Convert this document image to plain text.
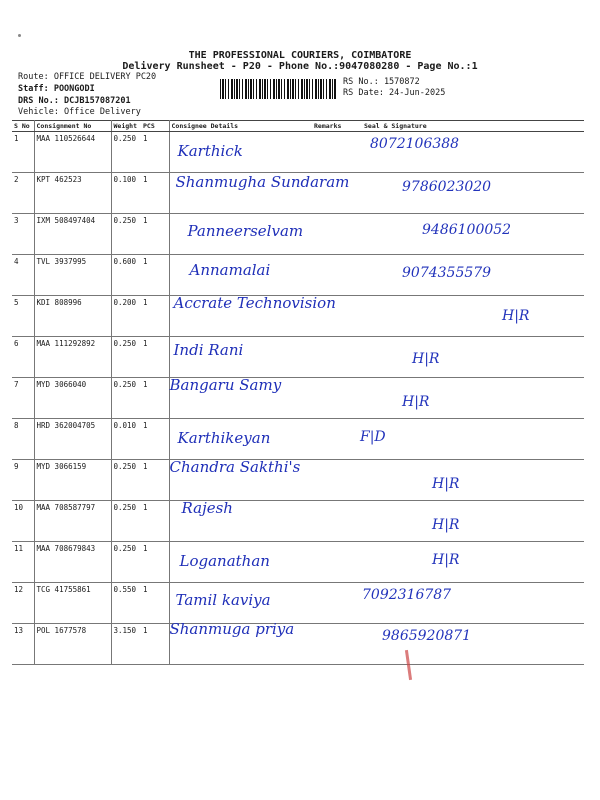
THE PROFESSIONAL COURIERS, COIMBATORE
Delivery Runsheet - P20 - Phone No.:9047080280 - Page No.:1
Route: OFFICE DELIVERY PC20
Staff: POONGODI
DRS No.: DCJB157087201
Vehicle: Office Delivery
RS No.: 1570872
RS Date: 24-Jun-2025
S No	Consignment No	Weight	PCS	Consignee Details	Remarks	Seal & Signature
1	MAA 110526644	0.250	1	Karthick		8072106388

2	KPT 462523	0.100	1	Shanmugha Sundaram		9786023020

3	IXM 508497404	0.250	1	Panneerselvam		9486100052

4	TVL 3937995	0.600	1	Annamalai		9074355579

5	KDI 808996	0.200	1	Accrate Technovision		H|R

6	MAA 111292892	0.250	1	Indi Rani		H|R

7	MYD 3066040	0.250	1	Bangaru Samy		H|R

8	HRD 362004705	0.010	1	Karthikeyan		F|D

9	MYD 3066159	0.250	1	Chandra Sakthi's		H|R

10	MAA 708587797	0.250	1	Rajesh		H|R

11	MAA 708679843	0.250	1	Loganathan		H|R

12	TCG 41755861	0.550	1	Tamil kaviya		7092316787

13	POL 1677578	3.150	1	Shanmuga priya		9865920871
